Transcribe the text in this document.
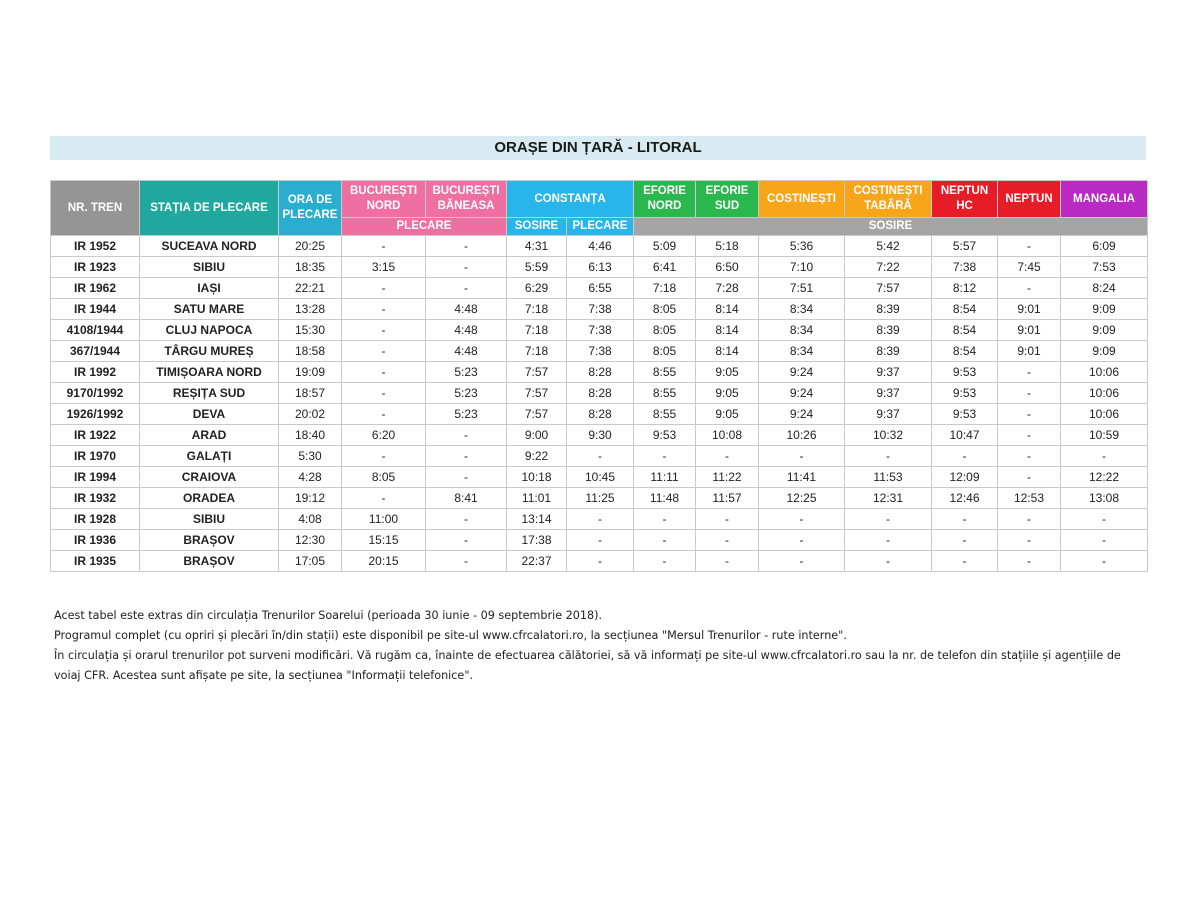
ORAȘE DIN ȚARĂ - LITORAL
NR. TREN	STAȚIA DE PLECARE	ORA DE PLECARE	BUCUREȘTI NORD	BUCUREȘTI BĂNEASA	CONSTANȚA		EFORIE NORD	EFORIE SUD	COSTINEȘTI	COSTINEȘTI TABĂRĂ	NEPTUN HC	NEPTUN	MANGALIA
			PLECARE		SOSIRE	PLECARE	SOSIRE						
IR 1952	SUCEAVA NORD	20:25	-	-	4:31	4:46	5:09	5:18	5:36	5:42	5:57	-	6:09
IR 1923	SIBIU	18:35	3:15	-	5:59	6:13	6:41	6:50	7:10	7:22	7:38	7:45	7:53
IR 1962	IAȘI	22:21	-	-	6:29	6:55	7:18	7:28	7:51	7:57	8:12	-	8:24
IR 1944	SATU MARE	13:28	-	4:48	7:18	7:38	8:05	8:14	8:34	8:39	8:54	9:01	9:09
4108/1944	CLUJ NAPOCA	15:30	-	4:48	7:18	7:38	8:05	8:14	8:34	8:39	8:54	9:01	9:09
367/1944	TÂRGU MUREȘ	18:58	-	4:48	7:18	7:38	8:05	8:14	8:34	8:39	8:54	9:01	9:09
IR 1992	TIMIȘOARA NORD	19:09	-	5:23	7:57	8:28	8:55	9:05	9:24	9:37	9:53	-	10:06
9170/1992	REȘIȚA SUD	18:57	-	5:23	7:57	8:28	8:55	9:05	9:24	9:37	9:53	-	10:06
1926/1992	DEVA	20:02	-	5:23	7:57	8:28	8:55	9:05	9:24	9:37	9:53	-	10:06
IR 1922	ARAD	18:40	6:20	-	9:00	9:30	9:53	10:08	10:26	10:32	10:47	-	10:59
IR 1970	GALAȚI	5:30	-	-	9:22	-	-	-	-	-	-	-	-
IR 1994	CRAIOVA	4:28	8:05	-	10:18	10:45	11:11	11:22	11:41	11:53	12:09	-	12:22
IR 1932	ORADEA	19:12	-	8:41	11:01	11:25	11:48	11:57	12:25	12:31	12:46	12:53	13:08
IR 1928	SIBIU	4:08	11:00	-	13:14	-	-	-	-	-	-	-	-
IR 1936	BRAȘOV	12:30	15:15	-	17:38	-	-	-	-	-	-	-	-
IR 1935	BRAȘOV	17:05	20:15	-	22:37	-	-	-	-	-	-	-	-

Acest tabel este extras din circulația Trenurilor Soarelui (perioada 30 iunie - 09 septembrie 2018).

Programul complet (cu opriri și plecări în/din stații) este disponibil pe site-ul www.cfrcalatori.ro, la secțiunea "Mersul Trenurilor - rute interne".

În circulația și orarul trenurilor pot surveni modificări. Vă rugăm ca, înainte de efectuarea călătoriei, să vă informați pe site-ul www.cfrcalatori.ro sau la nr. de telefon din stațiile și agențiile de voiaj CFR. Acestea sunt afișate pe site, la secțiunea "Informații telefonice".
